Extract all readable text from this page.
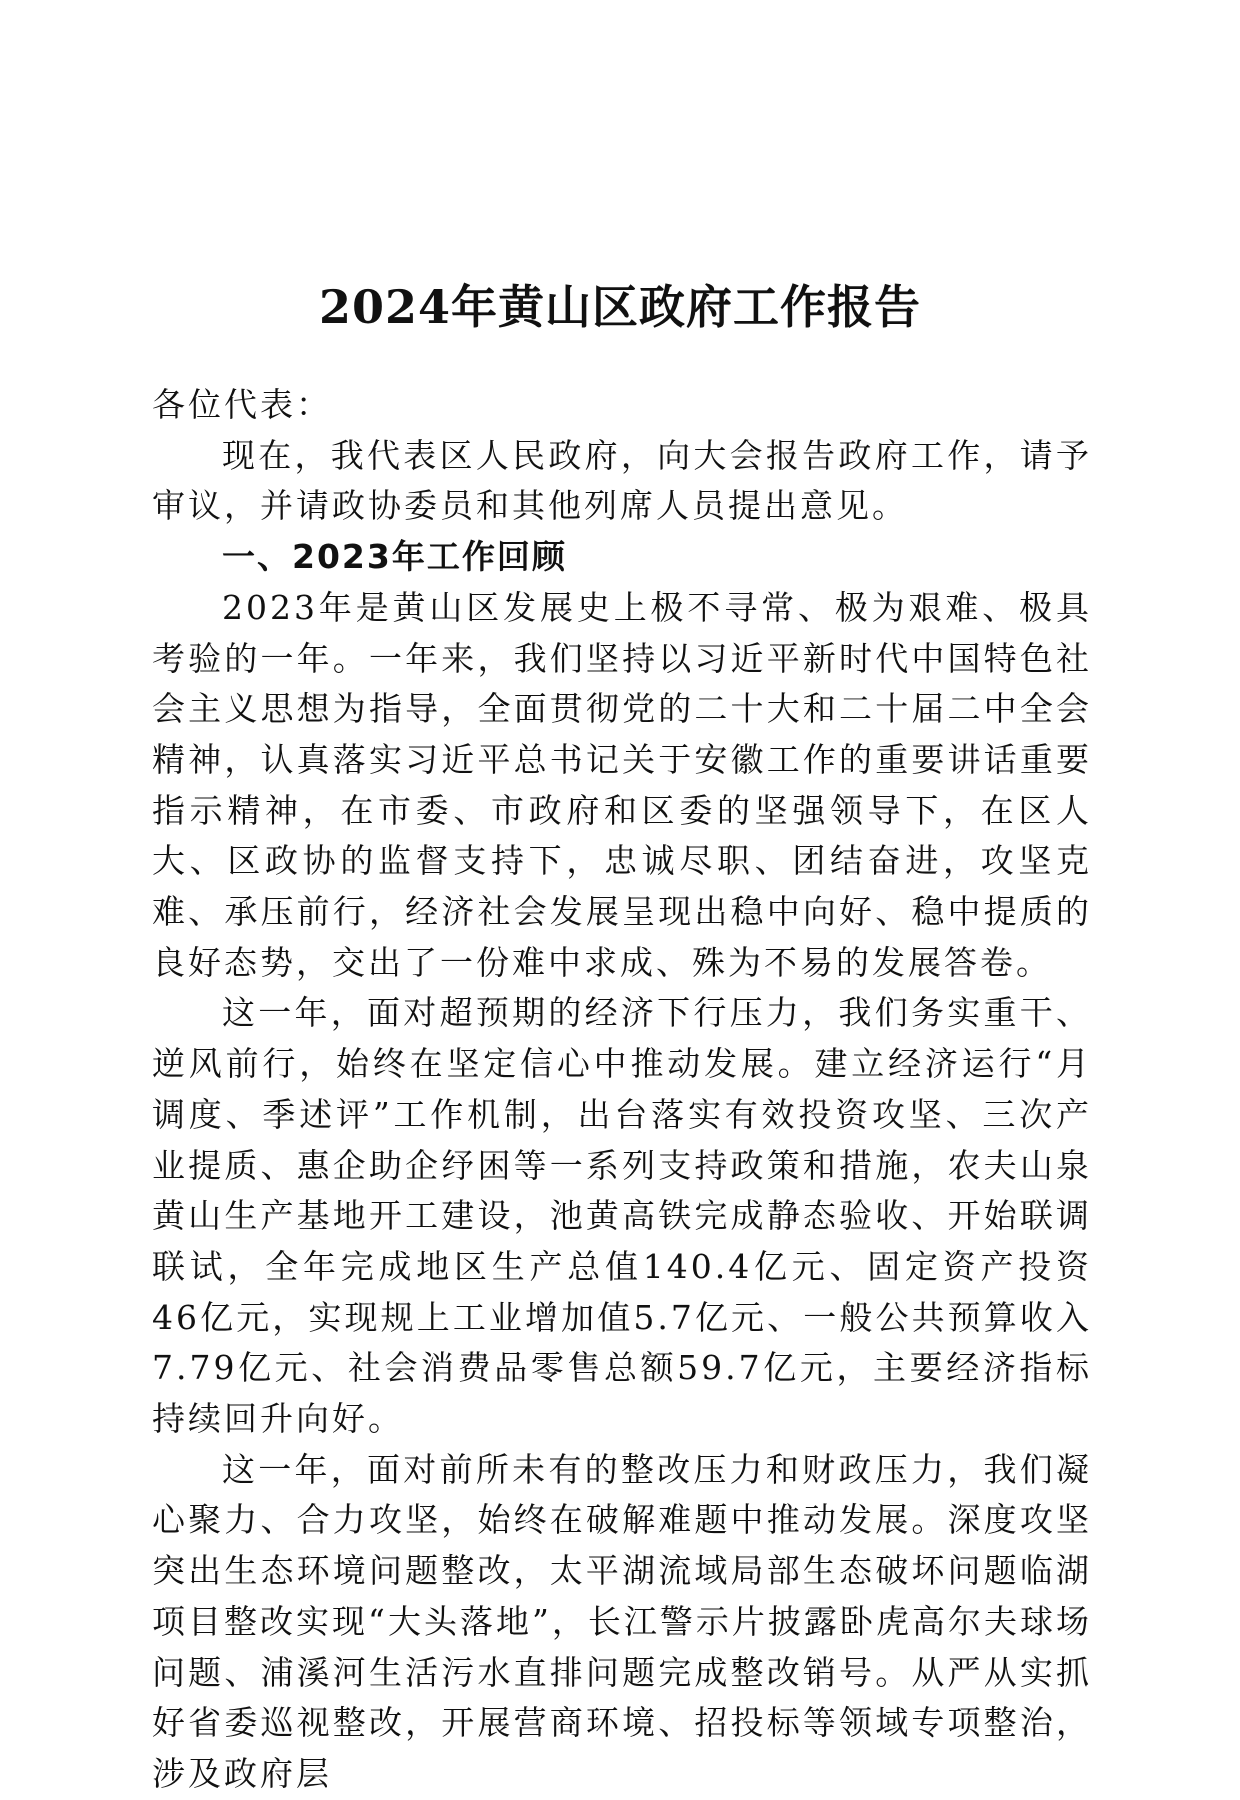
2024年黄山区政府工作报告

各位代表：

现在，我代表区人民政府，向大会报告政府工作，请予审议，并请政协委员和其他列席人员提出意见。

一、2023年工作回顾

2023年是黄山区发展史上极不寻常、极为艰难、极具考验的一年。一年来，我们坚持以习近平新时代中国特色社会主义思想为指导，全面贯彻党的二十大和二十届二中全会精神，认真落实习近平总书记关于安徽工作的重要讲话重要指示精神，在市委、市政府和区委的坚强领导下，在区人大、区政协的监督支持下，忠诚尽职、团结奋进，攻坚克难、承压前行，经济社会发展呈现出稳中向好、稳中提质的良好态势，交出了一份难中求成、殊为不易的发展答卷。

这一年，面对超预期的经济下行压力，我们务实重干、逆风前行，始终在坚定信心中推动发展。建立经济运行“月调度、季述评”工作机制，出台落实有效投资攻坚、三次产业提质、惠企助企纾困等一系列支持政策和措施，农夫山泉黄山生产基地开工建设，池黄高铁完成静态验收、开始联调联试，全年完成地区生产总值140.4亿元、固定资产投资46亿元，实现规上工业增加值5.7亿元、一般公共预算收入7.79亿元、社会消费品零售总额59.7亿元，主要经济指标持续回升向好。

这一年，面对前所未有的整改压力和财政压力，我们凝心聚力、合力攻坚，始终在破解难题中推动发展。深度攻坚突出生态环境问题整改，太平湖流域局部生态破坏问题临湖项目整改实现“大头落地”，长江警示片披露卧虎高尔夫球场问题、浦溪河生活污水直排问题完成整改销号。从严从实抓好省委巡视整改，开展营商环境、招投标等领域专项整治，涉及政府层
